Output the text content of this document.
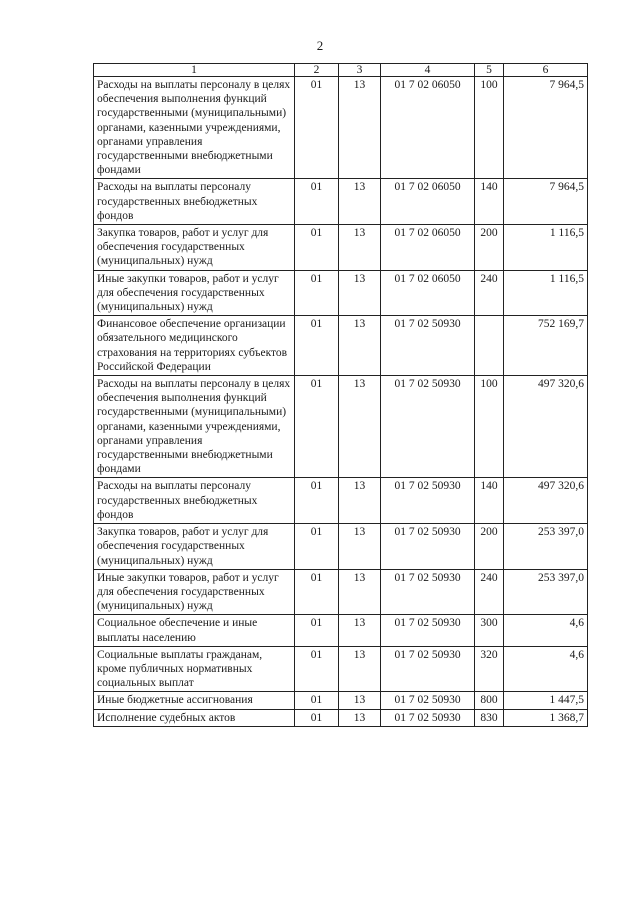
2
1	2	3	4	5	6
Расходы на выплаты персоналу в целях обеспечения выполнения функций государственными (муниципальными) органами, казенными учреждениями, органами управления государственными внебюджетными фондами	01	13	01 7 02 06050	100	7 964,5
Расходы на выплаты персоналу государственных внебюджетных фондов	01	13	01 7 02 06050	140	7 964,5
Закупка товаров, работ и услуг для обеспечения государственных (муниципальных) нужд	01	13	01 7 02 06050	200	1 116,5
Иные закупки товаров, работ и услуг для обеспечения государственных (муниципальных) нужд	01	13	01 7 02 06050	240	1 116,5
Финансовое обеспечение организации обязательного медицинского страхования на территориях субъектов Российской Федерации	01	13	01 7 02 50930		752 169,7
Расходы на выплаты персоналу в целях обеспечения выполнения функций государственными (муниципальными) органами, казенными учреждениями, органами управления государственными внебюджетными фондами	01	13	01 7 02 50930	100	497 320,6
Расходы на выплаты персоналу государственных внебюджетных фондов	01	13	01 7 02 50930	140	497 320,6
Закупка товаров, работ и услуг для обеспечения государственных (муниципальных) нужд	01	13	01 7 02 50930	200	253 397,0
Иные закупки товаров, работ и услуг для обеспечения государственных (муниципальных) нужд	01	13	01 7 02 50930	240	253 397,0
Социальное обеспечение и иные выплаты населению	01	13	01 7 02 50930	300	4,6
Социальные выплаты гражданам, кроме публичных нормативных социальных выплат	01	13	01 7 02 50930	320	4,6
Иные бюджетные ассигнования	01	13	01 7 02 50930	800	1 447,5
Исполнение судебных актов	01	13	01 7 02 50930	830	1 368,7
